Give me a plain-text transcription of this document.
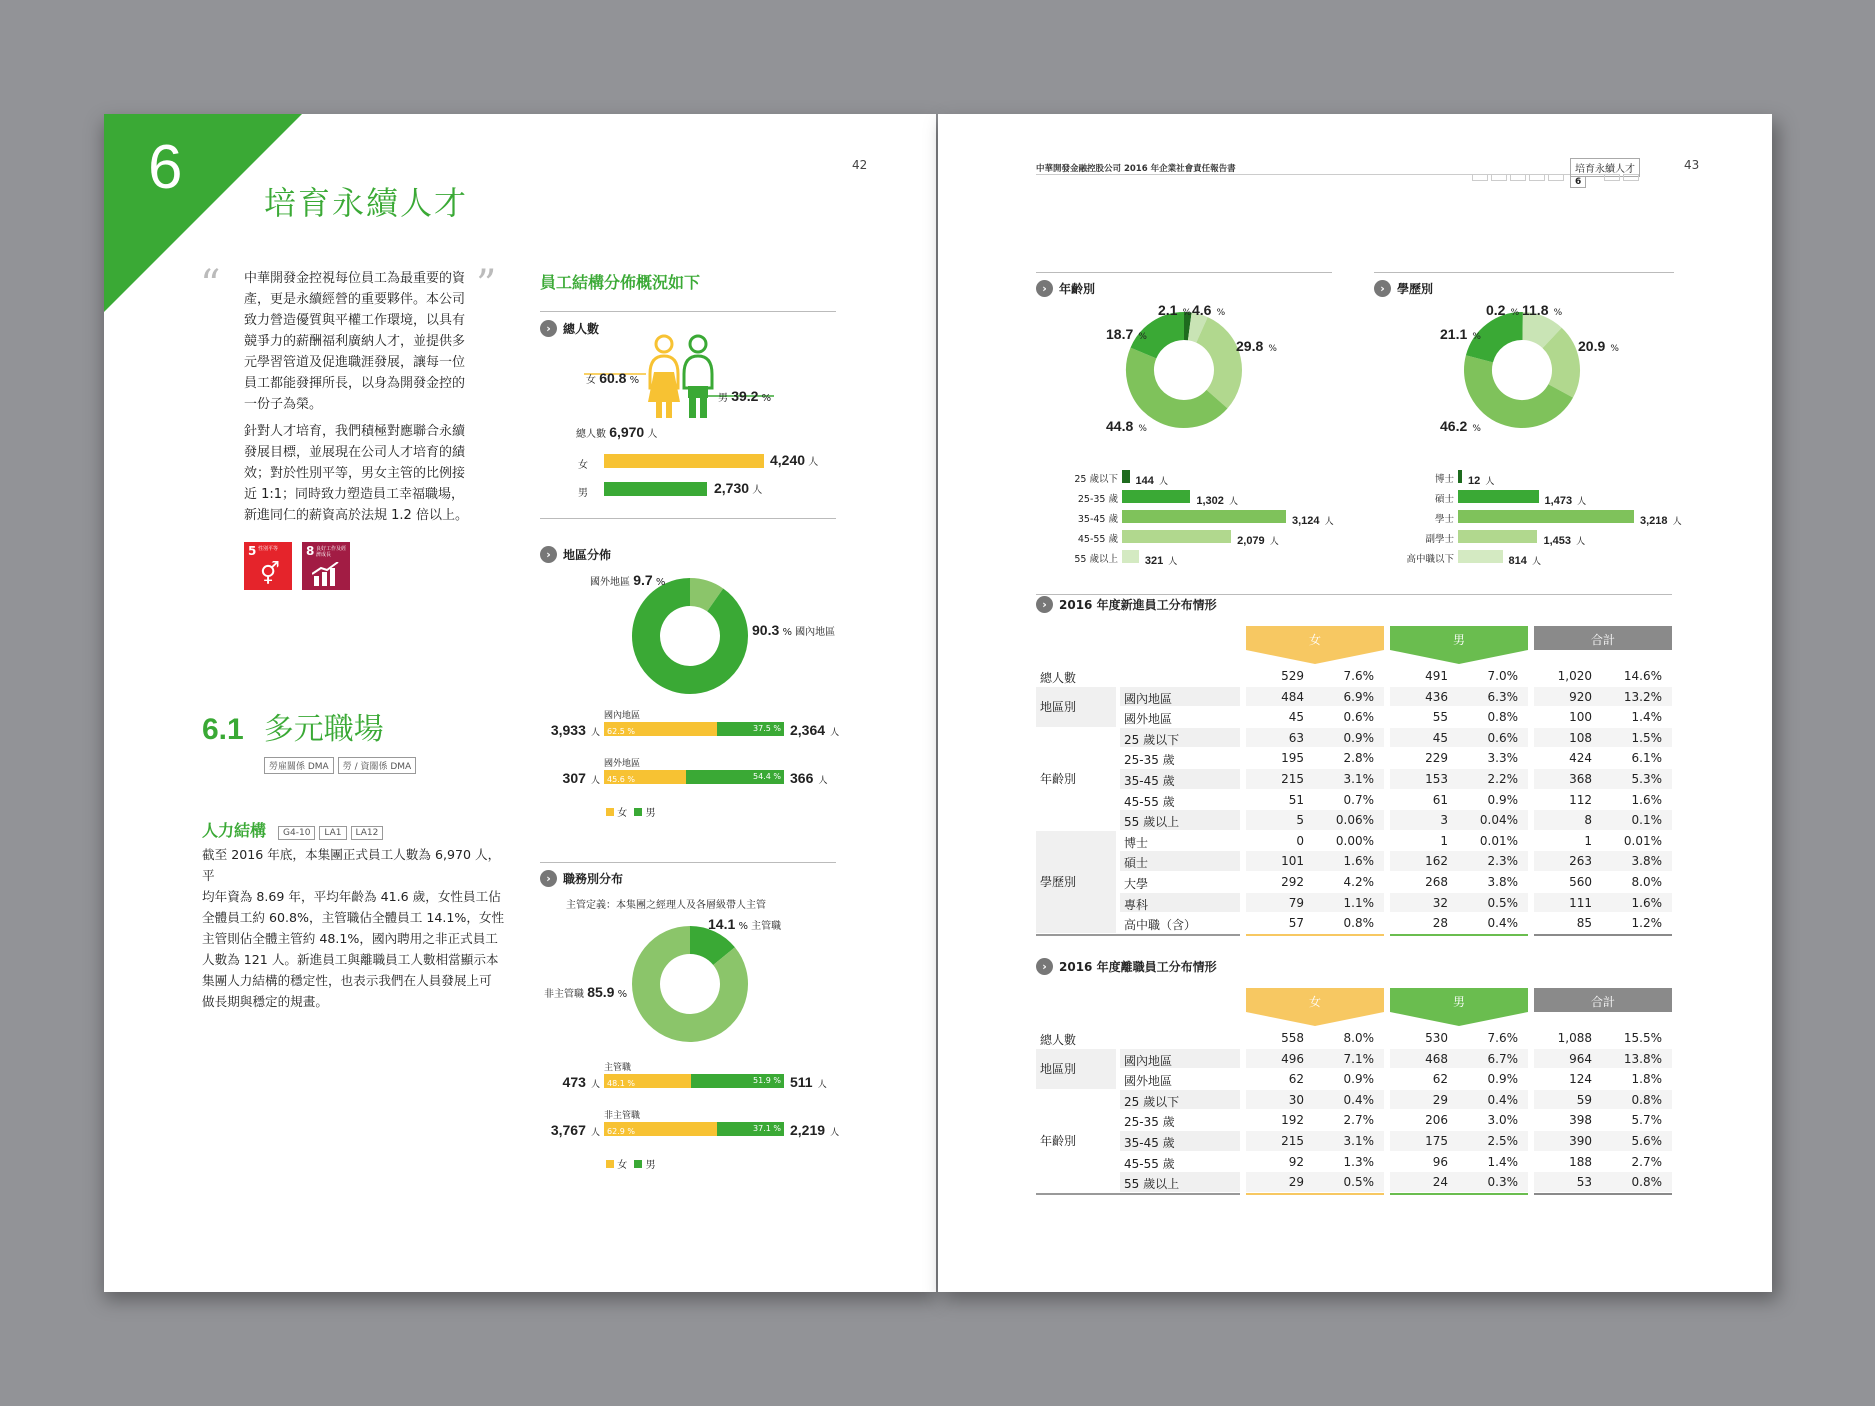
6
培育永續人才
42
“	”
中華開發金控視每位員工為最重要的資
產，更是永續經營的重要夥伴。本公司
致力營造優質與平權工作環境，以具有
競爭力的薪酬福利廣納人才，並提供多
元學習管道及促進職涯發展，讓每一位
員工都能發揮所長，以身為開發金控的
一份子為榮。
針對人才培育，我們積極對應聯合永續
發展目標，並展現在公司人才培育的績
效；對於性別平等，男女主管的比例接
近 1:1；同時致力塑造員工幸福職場，
新進同仁的薪資高於法規 1.2 倍以上。
5 性別平等
⚥
8 良好工作及經濟成長
6.1 多元職場
勞雇關係 DMA 勞 / 資關係 DMA
人力結構	G4-10 LA1 LA12
截至 2016 年底，本集團正式員工人數為 6,970 人，平
均年資為 8.69 年，平均年齡為 41.6 歲，女性員工佔
全體員工約 60.8%，主管職佔全體員工 14.1%，女性
主管則佔全體主管約 48.1%，國內聘用之非正式員工
人數為 121 人。新進員工與離職員工人數相當顯示本
集團人力結構的穩定性，也表示我們在人員發展上可
做長期與穩定的規畫。
員工結構分佈概況如下
›	總人數
女 60.8 %
男 39.2 %
總人數 6,970 人
女	4,240 人
男	2,730 人
›	地區分佈
國外地區 9.7 %
90.3 % 國內地區
國內地區
3,933 人 62.5 %	37.5 % 2,364 人
國外地區
307 人 45.6 %	54.4 % 366 人
女 男
›	職務別分布
主管定義：本集團之經理人及各層級帶人主管
14.1 % 主管職
非主管職 85.9 %
主管職
473 人 48.1 %	51.9 % 511 人
非主管職
3,767 人 62.9 %	37.1 % 2,219 人
女 男
中華開發金融控股公司 2016 年企業社會責任報告書	培育永續人才
6
43
›	年齡別	›	學歷別
2.1 % 4.6 %
29.8 %
44.8 %
18.7 %
0.2 % 11.8 %
20.9 %
46.2 %
21.1 %
25 歲以下 144 人
25-35 歲	1,302 人
35-45 歲	3,124 人
45-55 歲	2,079 人
55 歲以上 321 人
博士 12 人
碩士	1,473 人
學士	3,218 人
副學士	1,453 人
高中職以下	814 人
›	2016 年度新進員工分布情形
學歷別
年齡別
地區別
女	男	合計
總人數	529	7.6%	491	7.0%	1,020	14.6%
國內地區	484	6.9%	436	6.3%	920	13.2%
國外地區	45	0.6%	55	0.8%	100	1.4%
25 歲以下	63	0.9%	45	0.6%	108	1.5%
25-35 歲	195	2.8%	229	3.3%	424	6.1%
35-45 歲	215	3.1%	153	2.2%	368	5.3%
45-55 歲	51	0.7%	61	0.9%	112	1.6%
55 歲以上	5	0.06%	3	0.04%	8	0.1%
博士	0	0.00%	1	0.01%	1	0.01%
碩士	101	1.6%	162	2.3%	263	3.8%
大學	292	4.2%	268	3.8%	560	8.0%
專科	79	1.1%	32	0.5%	111	1.6%
高中職（含）	57	0.8%	28	0.4%	85	1.2%
›	2016 年度離職員工分布情形
年齡別
地區別
女	男	合計
總人數	558	8.0%	530	7.6%	1,088	15.5%
國內地區	496	7.1%	468	6.7%	964	13.8%
國外地區	62	0.9%	62	0.9%	124	1.8%
25 歲以下	30	0.4%	29	0.4%	59	0.8%
25-35 歲	192	2.7%	206	3.0%	398	5.7%
35-45 歲	215	3.1%	175	2.5%	390	5.6%
45-55 歲	92	1.3%	96	1.4%	188	2.7%
55 歲以上	29	0.5%	24	0.3%	53	0.8%
